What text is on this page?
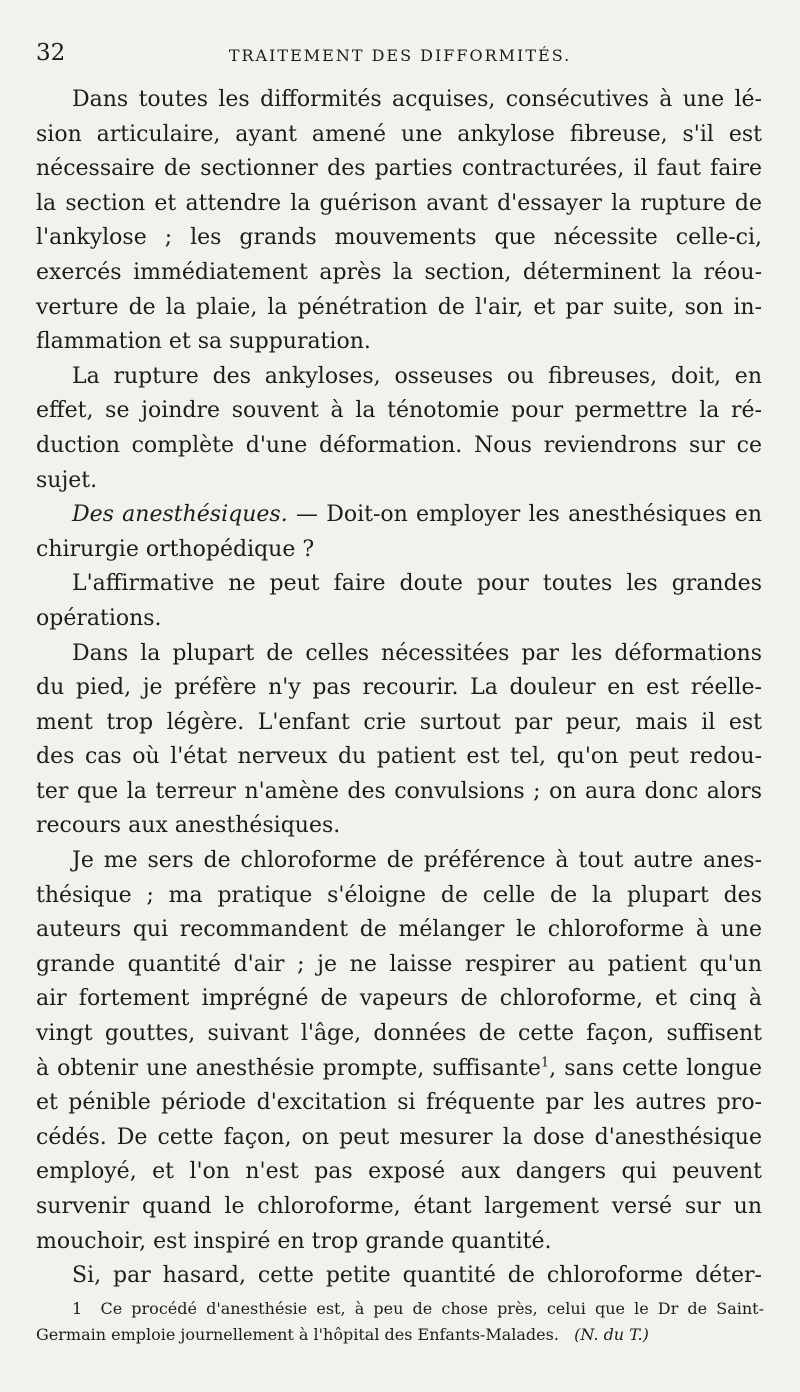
32	TRAITEMENT DES DIFFORMITÉS.
Dans toutes les difformités acquises, consécutives à une lé-
sion articulaire, ayant amené une ankylose fibreuse, s'il est
nécessaire de sectionner des parties contracturées, il faut faire
la section et attendre la guérison avant d'essayer la rupture de
l'ankylose ; les grands mouvements que nécessite celle-ci,
exercés immédiatement après la section, déterminent la réou-
verture de la plaie, la pénétration de l'air, et par suite, son in-
flammation et sa suppuration.
La rupture des ankyloses, osseuses ou fibreuses, doit, en
effet, se joindre souvent à la ténotomie pour permettre la ré-
duction complète d'une déformation. Nous reviendrons sur ce
sujet.
Des anesthésiques. — Doit-on employer les anesthésiques en
chirurgie orthopédique ?
L'affirmative ne peut faire doute pour toutes les grandes
opérations.
Dans la plupart de celles nécessitées par les déformations
du pied, je préfère n'y pas recourir. La douleur en est réelle-
ment trop légère. L'enfant crie surtout par peur, mais il est
des cas où l'état nerveux du patient est tel, qu'on peut redou-
ter que la terreur n'amène des convulsions ; on aura donc alors
recours aux anesthésiques.
Je me sers de chloroforme de préférence à tout autre anes-
thésique ; ma pratique s'éloigne de celle de la plupart des
auteurs qui recommandent de mélanger le chloroforme à une
grande quantité d'air ; je ne laisse respirer au patient qu'un
air fortement imprégné de vapeurs de chloroforme, et cinq à
vingt gouttes, suivant l'âge, données de cette façon, suffisent
à obtenir une anesthésie prompte, suffisante$^1$, sans cette longue
et pénible période d'excitation si fréquente par les autres pro-
cédés. De cette façon, on peut mesurer la dose d'anesthésique
employé, et l'on n'est pas exposé aux dangers qui peuvent
survenir quand le chloroforme, étant largement versé sur un
mouchoir, est inspiré en trop grande quantité.
Si, par hasard, cette petite quantité de chloroforme déter-
1 Ce procédé d'anesthésie est, à peu de chose près, celui que le Dr de Saint-
Germain emploie journellement à l'hôpital des Enfants-Malades. (N. du T.)
